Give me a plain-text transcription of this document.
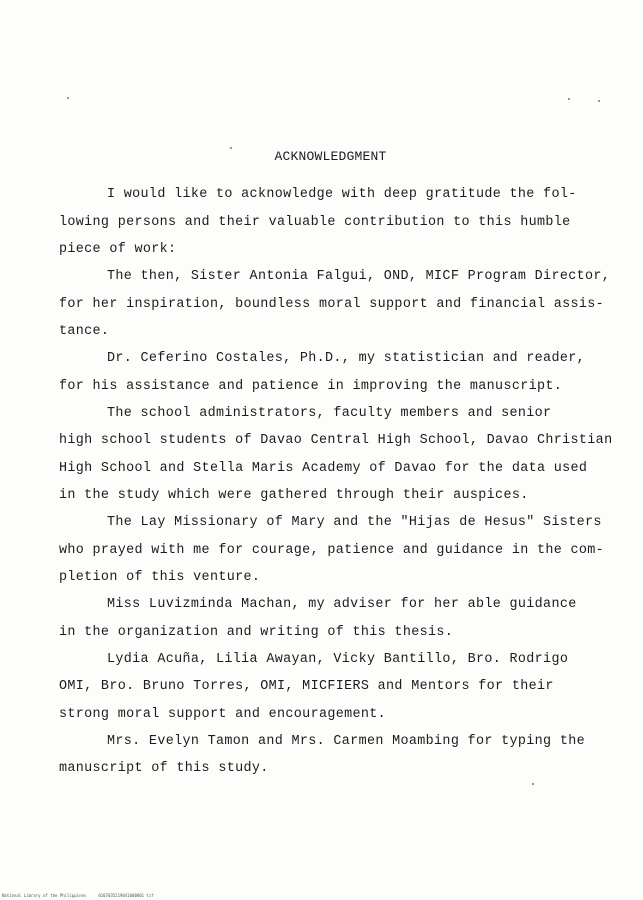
ACKNOWLEDGMENT
I would like to acknowledge with deep gratitude the fol-
lowing persons and their valuable contribution to this humble
piece of work:
The then, Sister Antonia Falgui, OND, MICF Program Director,
for her inspiration, boundless moral support and financial assis-
tance.
Dr. Ceferino Costales, Ph.D., my statistician and reader,
for his assistance and patience in improving the manuscript.
The school administrators, faculty members and senior
high school students of Davao Central High School, Davao Christian
High School and Stella Maris Academy of Davao for the data used
in the study which were gathered through their auspices.
The Lay Missionary of Mary and the "Hijas de Hesus" Sisters
who prayed with me for courage, patience and guidance in the com-
pletion of this venture.
Miss Luvizminda Machan, my adviser for her able guidance
in the organization and writing of this thesis.
Lydia Acuña, Lilia Awayan, Vicky Bantillo, Bro. Rodrigo
OMI, Bro. Bruno Torres, OMI, MICFIERS and Mentors for their
strong moral support and encouragement.
Mrs. Evelyn Tamon and Mrs. Carmen Moambing for typing the
manuscript of this study.
National Library of the Philippines     0107035219041000001 tif
